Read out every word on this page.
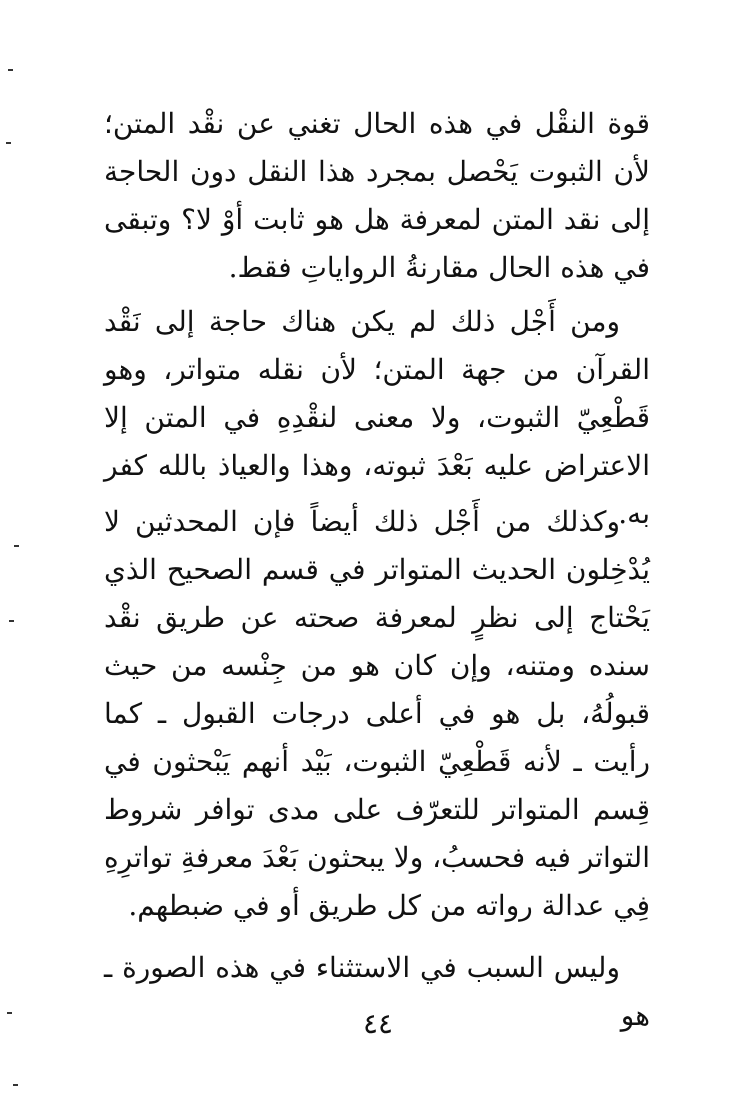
قوة النقْل في هذه الحال تغني عن نقْد المتن؛ لأن الثبوت يَحْصل بمجرد هذا النقل دون الحاجة إلى نقد المتن لمعرفة هل هو ثابت أوْ لا؟ وتبقى في هذه الحال مقارنةُ الرواياتِ فقط.

ومن أَجْل ذلك لم يكن هناك حاجة إلى نَقْد القرآن من جهة المتن؛ لأن نقله متواتر، وهو قَطْعِيّ الثبوت، ولا معنى لنقْدِهِ في المتن إلا الاعتراض عليه بَعْدَ ثبوته، وهذا والعياذ بالله كفر به.

وكذلك من أَجْل ذلك أيضاً فإن المحدثين لا يُدْخِلون الحديث المتواتر في قسم الصحيح الذي يَحْتاج إلى نظرٍ لمعرفة صحته عن طريق نقْد سنده ومتنه، وإن كان هو من جِنْسه من حيث قبولُهُ، بل هو في أعلى درجات القبول ـ كما رأيت ـ لأنه قَطْعِيّ الثبوت، بَيْد أنهم يَبْحثون في قِسم المتواتر للتعرّف على مدى توافر شروط التواتر فيه فحسبُ، ولا يبحثون بَعْدَ معرفةِ تواترِهِ فِي عدالة رواته من كل طريق أو في ضبطهم.

وليس السبب في الاستثناء في هذه الصورة ـ هو

٤٤
